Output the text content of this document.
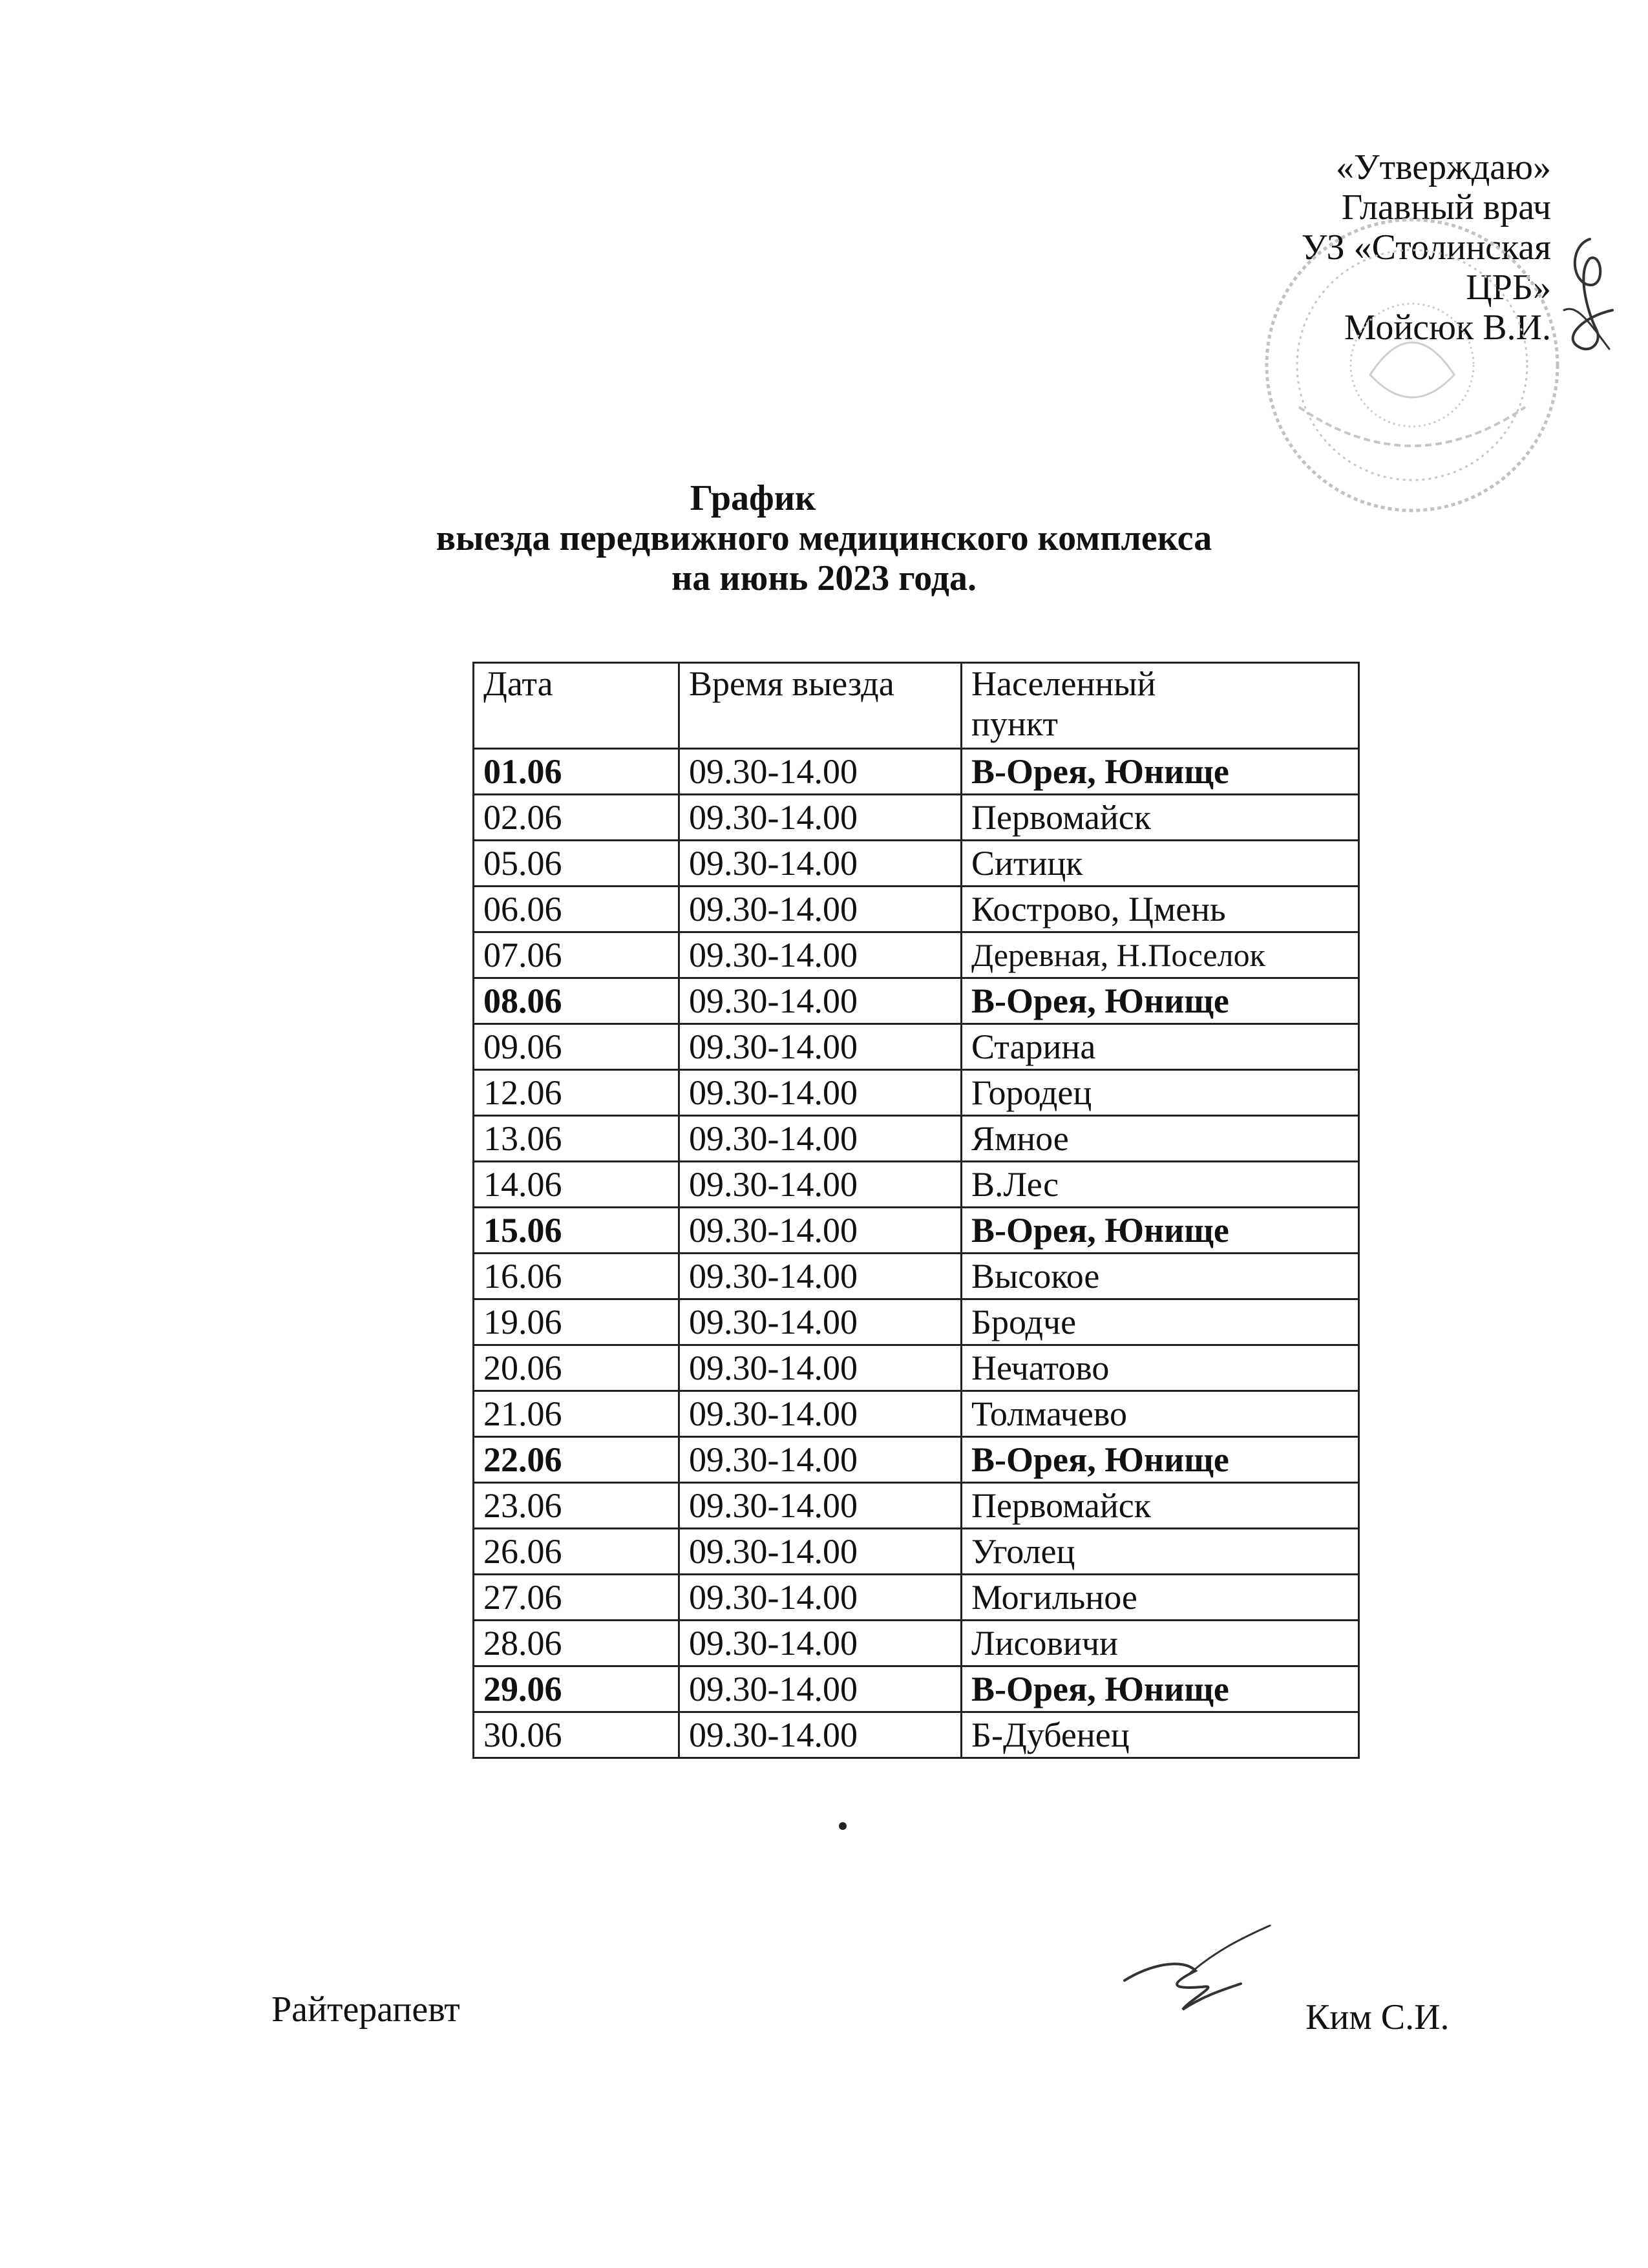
«Утверждаю»
Главный врач
УЗ «Столинская
ЦРБ»
Мойсюк В.И.
График
выезда передвижного медицинского комплекса
на июнь 2023 года.
Дата	Время выезда	Населенный
пункт

01.06	09.30-14.00	В-Орея, Юнище
02.06	09.30-14.00	Первомайск
05.06	09.30-14.00	Ситицк
06.06	09.30-14.00	Кострово, Цмень
07.06	09.30-14.00	Деревная, Н.Поселок
08.06	09.30-14.00	В-Орея, Юнище
09.06	09.30-14.00	Старина
12.06	09.30-14.00	Городец
13.06	09.30-14.00	Ямное
14.06	09.30-14.00	В.Лес
15.06	09.30-14.00	В-Орея, Юнище
16.06	09.30-14.00	Высокое
19.06	09.30-14.00	Бродче
20.06	09.30-14.00	Нечатово
21.06	09.30-14.00	Толмачево
22.06	09.30-14.00	В-Орея, Юнище
23.06	09.30-14.00	Первомайск
26.06	09.30-14.00	Уголец
27.06	09.30-14.00	Могильное
28.06	09.30-14.00	Лисовичи
29.06	09.30-14.00	В-Орея, Юнище
30.06	09.30-14.00	Б-Дубенец
Райтерапевт	Ким С.И.
